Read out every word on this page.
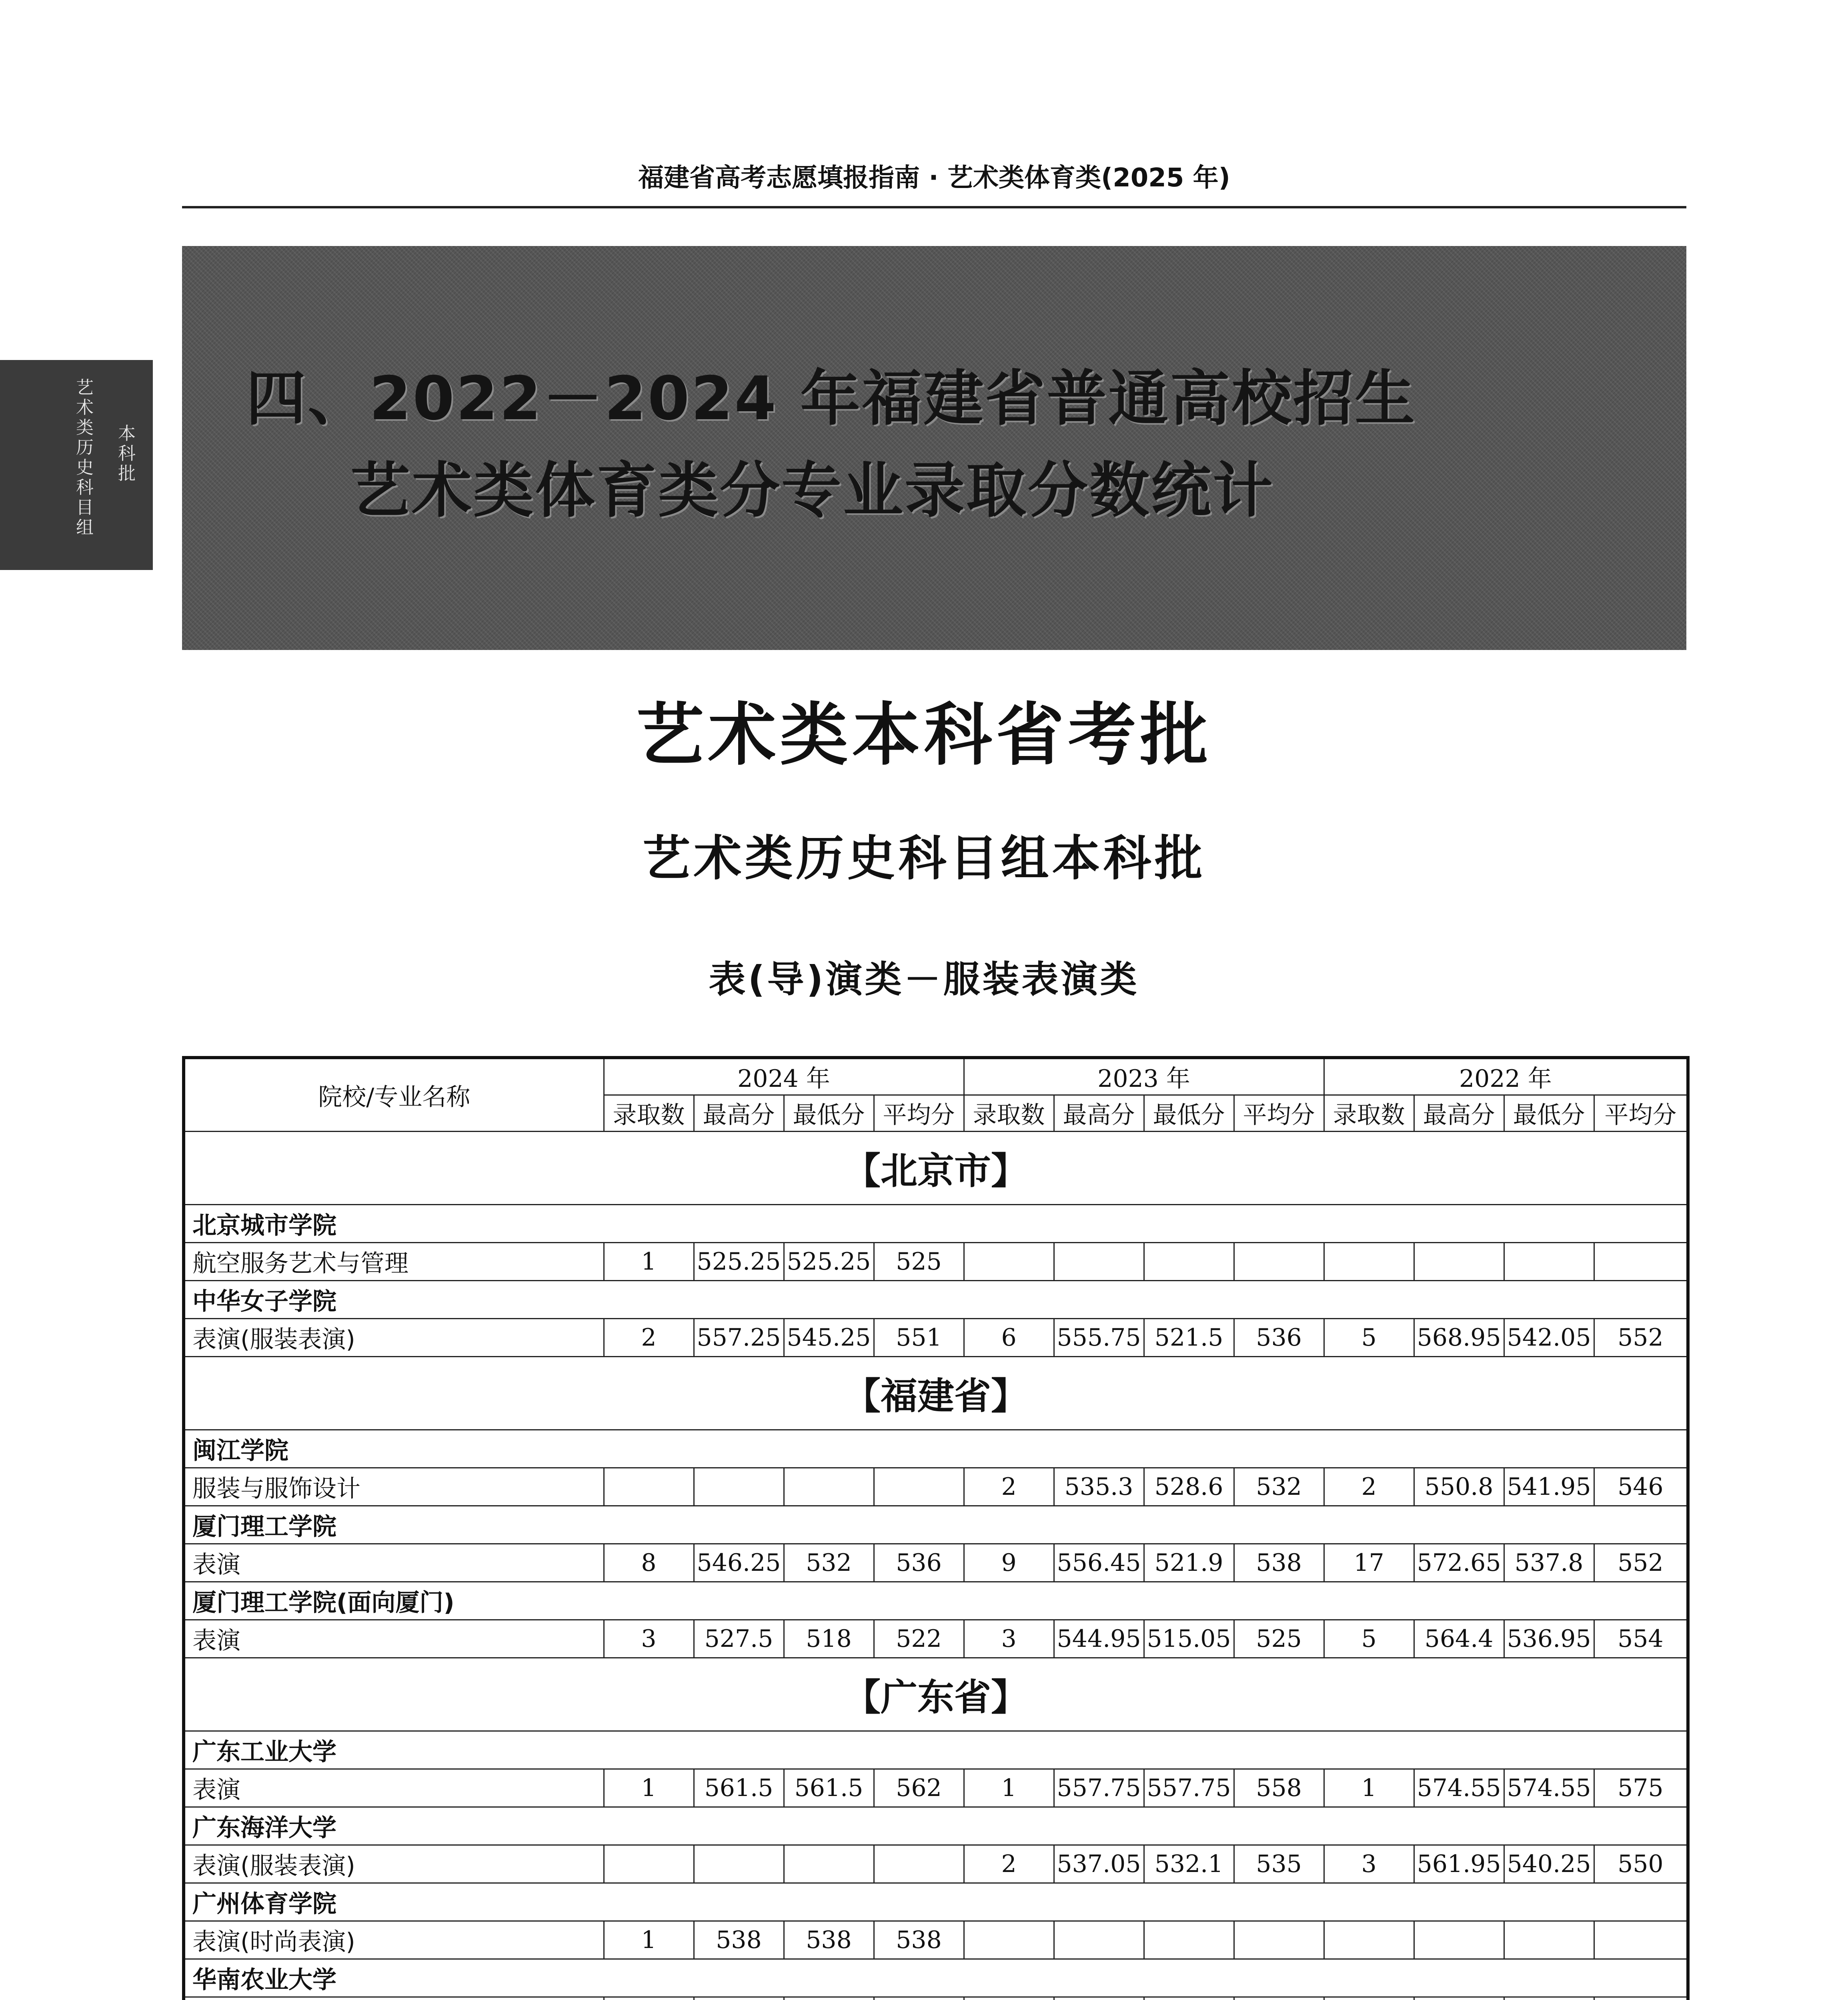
福建省高考志愿填报指南 · 艺术类体育类(2025 年)
艺术类历史科目组 本科批
四、2022－2024 年福建省普通高校招生
艺术类体育类分专业录取分数统计
艺术类本科省考批
艺术类历史科目组本科批
表(导)演类－服装表演类
院校/专业名称	2024 年				2023 年				2022 年			
	录取数	最高分	最低分	平均分	录取数	最高分	最低分	平均分	录取数	最高分	最低分	平均分
【北京市】												
北京城市学院												
航空服务艺术与管理	1	525.25	525.25	525								
中华女子学院												
表演(服装表演)	2	557.25	545.25	551	6	555.75	521.5	536	5	568.95	542.05	552
【福建省】												
闽江学院												
服装与服饰设计					2	535.3	528.6	532	2	550.8	541.95	546
厦门理工学院												
表演	8	546.25	532	536	9	556.45	521.9	538	17	572.65	537.8	552
厦门理工学院(面向厦门)												
表演	3	527.5	518	522	3	544.95	515.05	525	5	564.4	536.95	554
【广东省】												
广东工业大学												
表演	1	561.5	561.5	562	1	557.75	557.75	558	1	574.55	574.55	575
广东海洋大学												
表演(服装表演)					2	537.05	532.1	535	3	561.95	540.25	550
广州体育学院												
表演(时尚表演)	1	538	538	538								
华南农业大学												
